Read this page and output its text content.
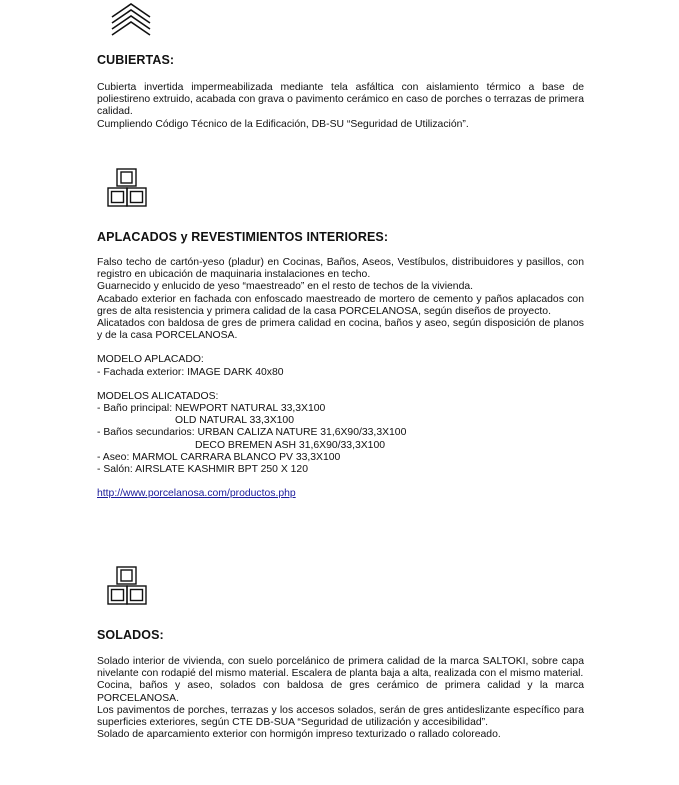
CUBIERTAS:

Cubierta invertida impermeabilizada mediante tela asfáltica con aislamiento térmico a base de poliestireno extruido, acabada con grava o pavimento cerámico en caso de porches o terrazas de primera calidad.

Cumpliendo Código Técnico de la Edificación, DB-SU “Seguridad de Utilización”.

APLACADOS y REVESTIMIENTOS INTERIORES:

Falso techo de cartón-yeso (pladur) en Cocinas, Baños, Aseos, Vestíbulos, distribuidores y pasillos, con registro en ubicación de maquinaria instalaciones en techo.

Guarnecido y enlucido de yeso “maestreado” en el resto de techos de la vivienda.

Acabado exterior en fachada con enfoscado maestreado de mortero de cemento y paños aplacados con gres de alta resistencia y primera calidad de la casa PORCELANOSA, según diseños de proyecto.

Alicatados con baldosa de gres de primera calidad en cocina, baños y aseo, según disposición de planos y de la casa PORCELANOSA.

MODELO APLACADO:
- Fachada exterior: IMAGE DARK 40x80
MODELOS ALICATADOS:
- Baño principal: NEWPORT NATURAL 33,3X100
OLD NATURAL 33,3X100
- Baños secundarios: URBAN CALIZA NATURE 31,6X90/33,3X100
DECO BREMEN ASH 31,6X90/33,3X100
- Aseo: MARMOL CARRARA BLANCO PV 33,3X100
- Salón: AIRSLATE KASHMIR BPT 250 X 120
http://www.porcelanosa.com/productos.php
SOLADOS:

Solado interior de vivienda, con suelo porcelánico de primera calidad de la marca SALTOKI, sobre capa nivelante con rodapié del mismo material. Escalera de planta baja a alta, realizada con el mismo material.

Cocina, baños y aseo, solados con baldosa de gres cerámico de primera calidad y la marca PORCELANOSA.

Los pavimentos de porches, terrazas y los accesos solados, serán de gres antideslizante específico para superficies exteriores, según CTE DB-SUA “Seguridad de utilización y accesibilidad”.

Solado de aparcamiento exterior con hormigón impreso texturizado o rallado coloreado.
